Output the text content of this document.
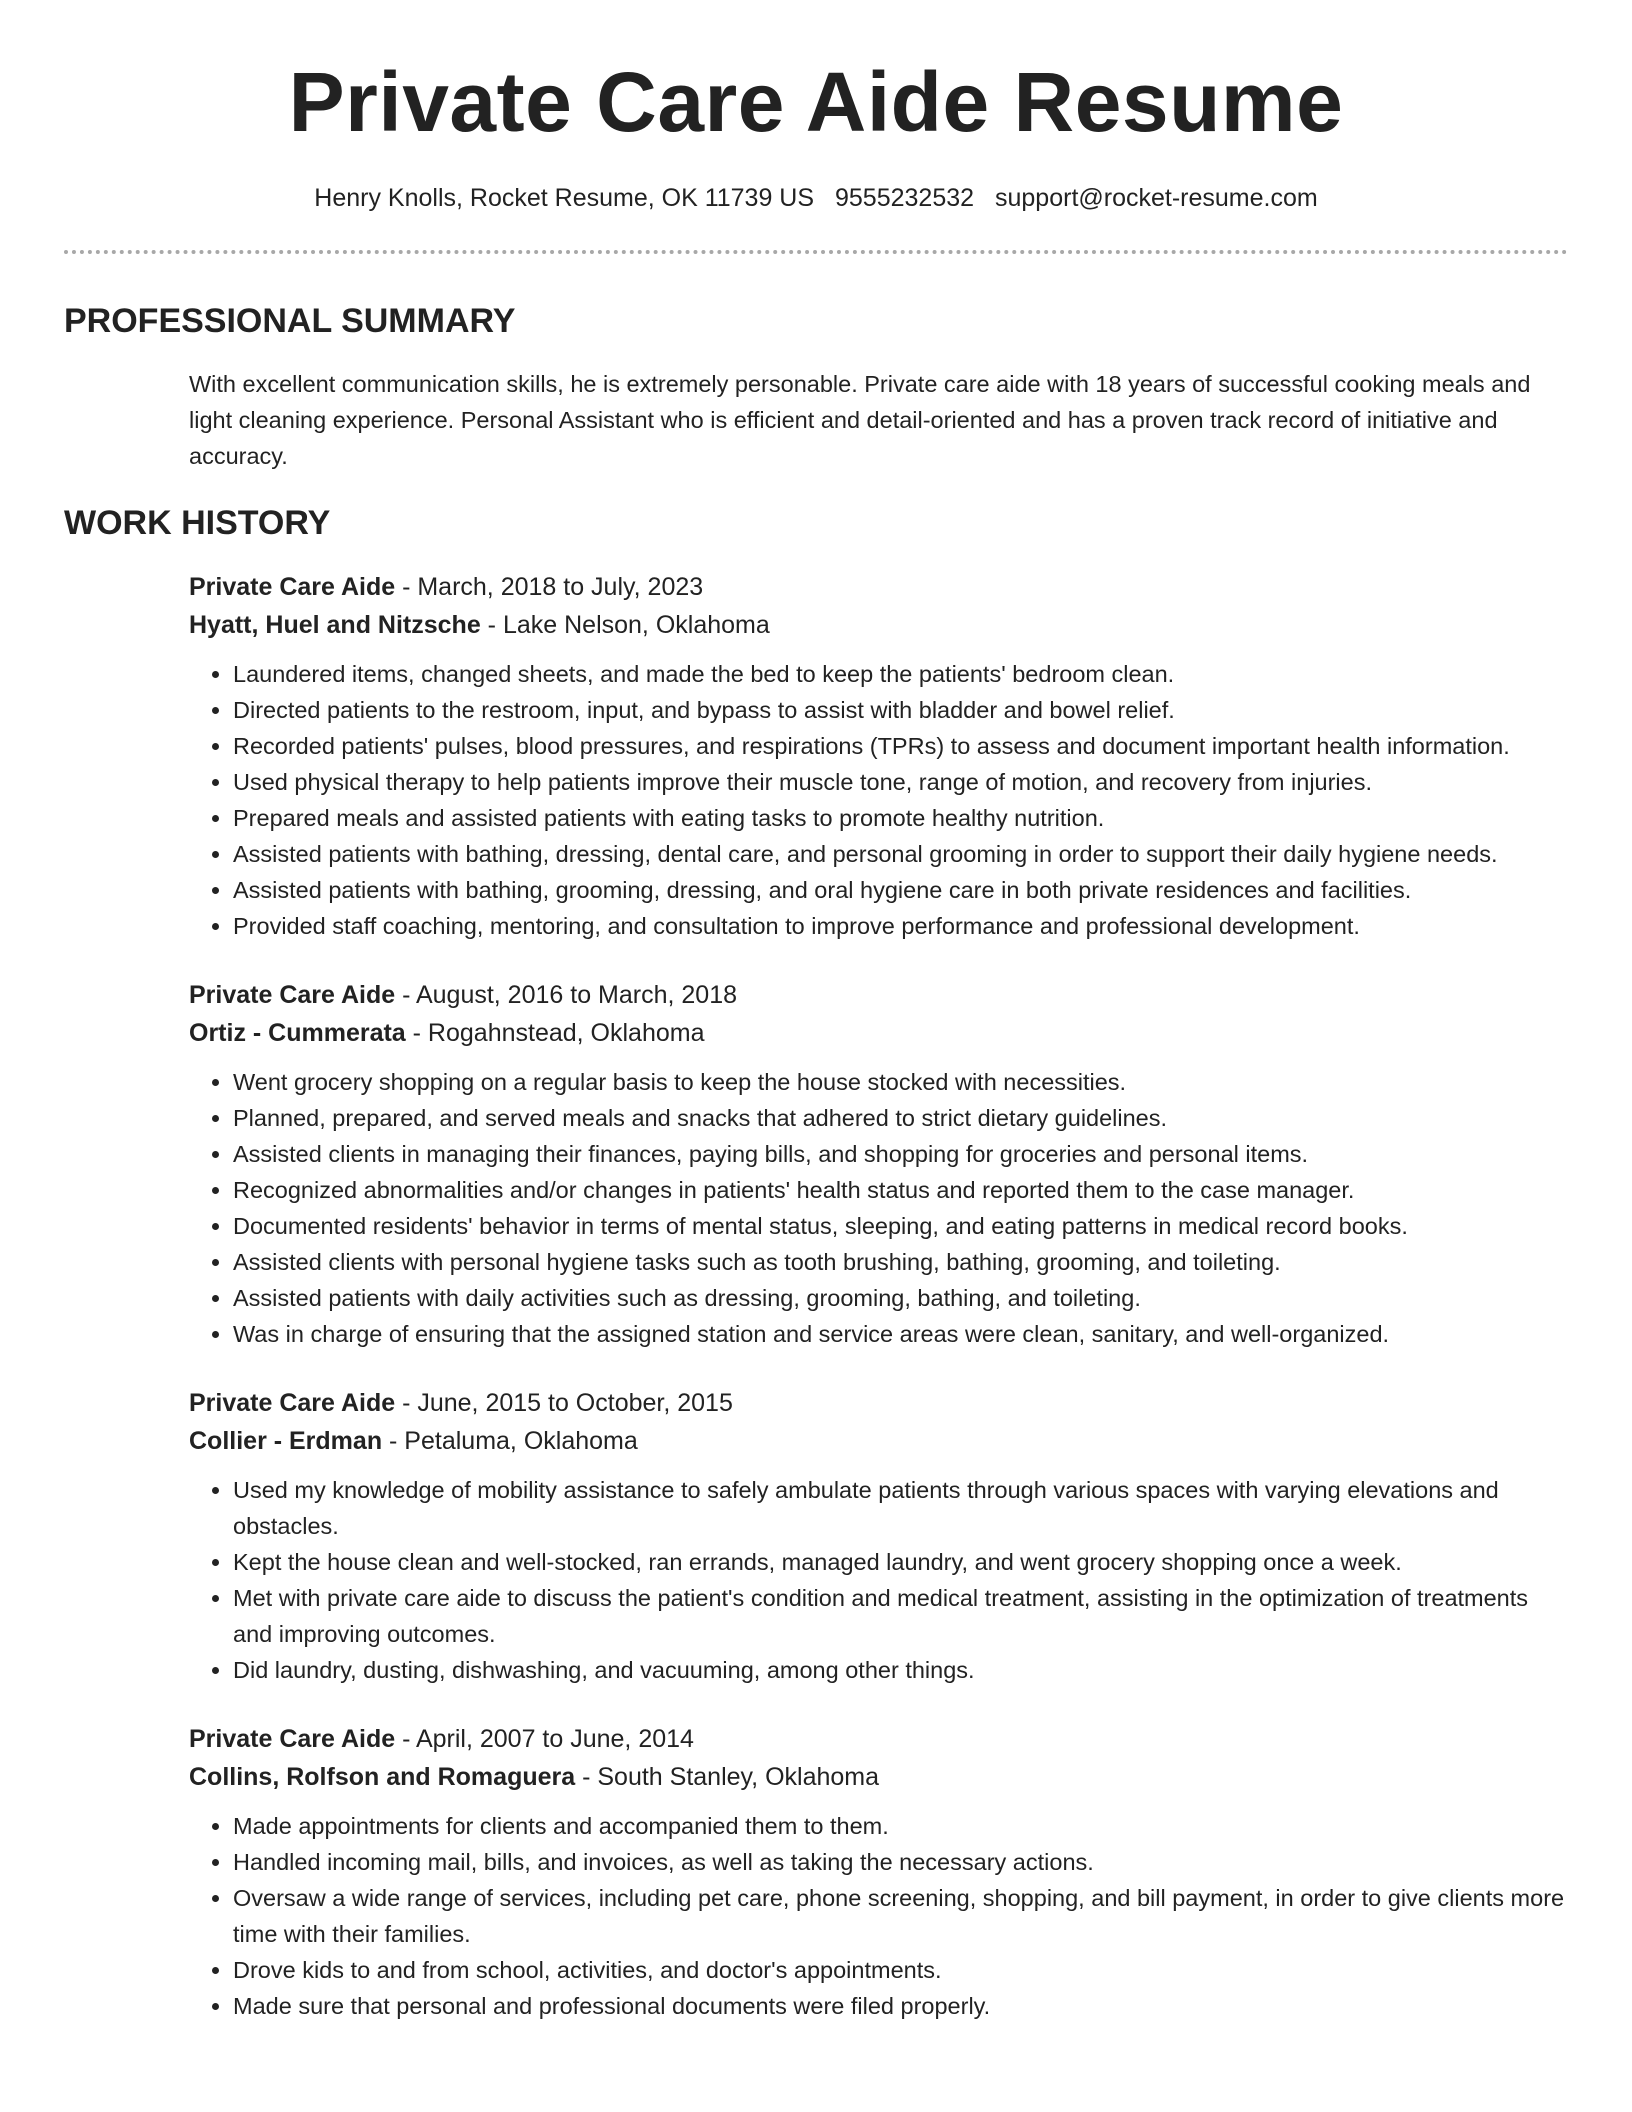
Private Care Aide Resume
Henry Knolls, Rocket Resume, OK 11739 US 9555232532 support@rocket-resume.com
PROFESSIONAL SUMMARY

With excellent communication skills, he is extremely personable. Private care aide with 18 years of successful cooking meals and light cleaning experience. Personal Assistant who is efficient and detail-oriented and has a proven track record of initiative and accuracy.

WORK HISTORY
Private Care Aide - March, 2018 to July, 2023
Hyatt, Huel and Nitzsche - Lake Nelson, Oklahoma
• Laundered items, changed sheets, and made the bed to keep the patients' bedroom clean.
• Directed patients to the restroom, input, and bypass to assist with bladder and bowel relief.
• Recorded patients' pulses, blood pressures, and respirations (TPRs) to assess and document important health information.
• Used physical therapy to help patients improve their muscle tone, range of motion, and recovery from injuries.
• Prepared meals and assisted patients with eating tasks to promote healthy nutrition.
• Assisted patients with bathing, dressing, dental care, and personal grooming in order to support their daily hygiene needs.
• Assisted patients with bathing, grooming, dressing, and oral hygiene care in both private residences and facilities.
• Provided staff coaching, mentoring, and consultation to improve performance and professional development.
Private Care Aide - August, 2016 to March, 2018
Ortiz - Cummerata - Rogahnstead, Oklahoma
• Went grocery shopping on a regular basis to keep the house stocked with necessities.
• Planned, prepared, and served meals and snacks that adhered to strict dietary guidelines.
• Assisted clients in managing their finances, paying bills, and shopping for groceries and personal items.
• Recognized abnormalities and/or changes in patients' health status and reported them to the case manager.
• Documented residents' behavior in terms of mental status, sleeping, and eating patterns in medical record books.
• Assisted clients with personal hygiene tasks such as tooth brushing, bathing, grooming, and toileting.
• Assisted patients with daily activities such as dressing, grooming, bathing, and toileting.
• Was in charge of ensuring that the assigned station and service areas were clean, sanitary, and well-organized.
Private Care Aide - June, 2015 to October, 2015
Collier - Erdman - Petaluma, Oklahoma
• Used my knowledge of mobility assistance to safely ambulate patients through various spaces with varying elevations and obstacles.
• Kept the house clean and well-stocked, ran errands, managed laundry, and went grocery shopping once a week.
• Met with private care aide to discuss the patient's condition and medical treatment, assisting in the optimization of treatments and improving outcomes.
• Did laundry, dusting, dishwashing, and vacuuming, among other things.
Private Care Aide - April, 2007 to June, 2014
Collins, Rolfson and Romaguera - South Stanley, Oklahoma
• Made appointments for clients and accompanied them to them.
• Handled incoming mail, bills, and invoices, as well as taking the necessary actions.
• Oversaw a wide range of services, including pet care, phone screening, shopping, and bill payment, in order to give clients more time with their families.
• Drove kids to and from school, activities, and doctor's appointments.
• Made sure that personal and professional documents were filed properly.
